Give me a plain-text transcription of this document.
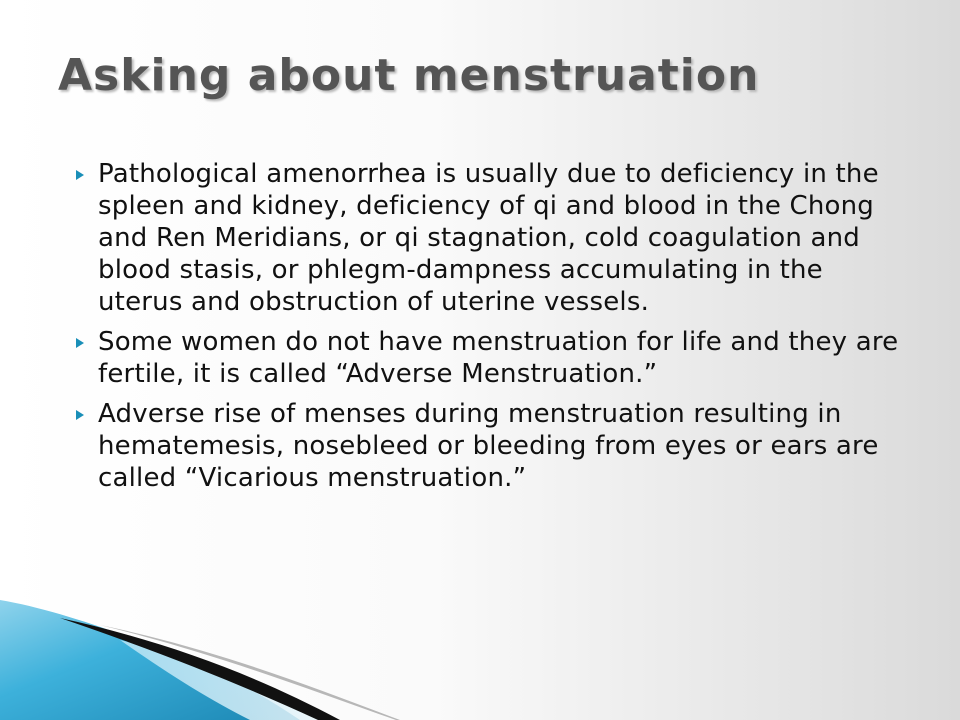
Asking about menstruation
Pathological amenorrhea is usually due to deficiency in the spleen and kidney, deficiency of qi and blood in the Chong and Ren Meridians, or qi stagnation, cold coagulation and blood stasis, or phlegm-dampness accumulating in the uterus and obstruction of uterine vessels.
Some women do not have menstruation for life and they are fertile, it is called “Adverse Menstruation.”
Adverse rise of menses during menstruation resulting in hematemesis, nosebleed or bleeding from eyes or ears are called “Vicarious menstruation.”
